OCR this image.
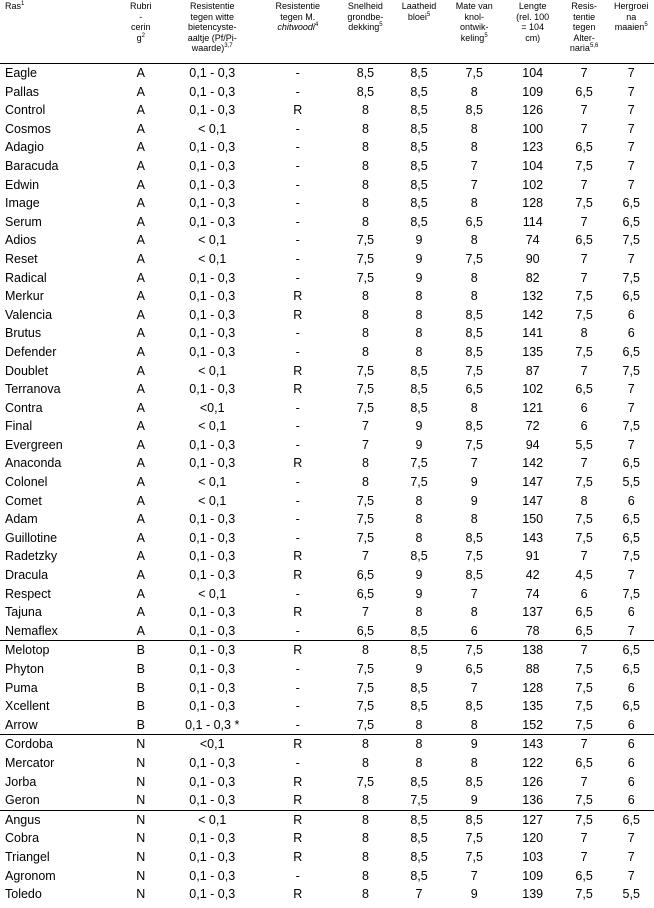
Ras$^1$	Rubri
-
cerin
$g^2$	Resistentie
tegen witte
bietencyste-
aaltje (Pf/Pi-
waarde)$^{3,7}$	Resistentie
tegen M.
chitwoodi$^4$	Snelheid
grondbe-
dekking$^5$	Laatheid
bloei$^5$	Mate van
knol-
ontwik-
keling$^5$	Lengte
(rel. 100
= 104
cm)	Resis-
tentie
tegen
Alter-
naria$^{5,6}$	Hergroei
na
maaien$^5$

Eagle	A	0,1 - 0,3	-	8,5	8,5	7,5	104	7	7
Pallas	A	0,1 - 0,3	-	8,5	8,5	8	109	6,5	7
Control	A	0,1 - 0,3	R	8	8,5	8,5	126	7	7
Cosmos	A	< 0,1	-	8	8,5	8	100	7	7
Adagio	A	0,1 - 0,3	-	8	8,5	8	123	6,5	7
Baracuda	A	0,1 - 0,3	-	8	8,5	7	104	7,5	7
Edwin	A	0,1 - 0,3	-	8	8,5	7	102	7	7
Image	A	0,1 - 0,3	-	8	8,5	8	128	7,5	6,5
Serum	A	0,1 - 0,3	-	8	8,5	6,5	114	7	6,5
Adios	A	< 0,1	-	7,5	9	8	74	6,5	7,5
Reset	A	< 0,1	-	7,5	9	7,5	90	7	7
Radical	A	0,1 - 0,3	-	7,5	9	8	82	7	7,5
Merkur	A	0,1 - 0,3	R	8	8	8	132	7,5	6,5
Valencia	A	0,1 - 0,3	R	8	8	8,5	142	7,5	6
Brutus	A	0,1 - 0,3	-	8	8	8,5	141	8	6
Defender	A	0,1 - 0,3	-	8	8	8,5	135	7,5	6,5
Doublet	A	< 0,1	R	7,5	8,5	7,5	87	7	7,5
Terranova	A	0,1 - 0,3	R	7,5	8,5	6,5	102	6,5	7
Contra	A	<0,1	-	7,5	8,5	8	121	6	7
Final	A	< 0,1	-	7	9	8,5	72	6	7,5
Evergreen	A	0,1 - 0,3	-	7	9	7,5	94	5,5	7
Anaconda	A	0,1 - 0,3	R	8	7,5	7	142	7	6,5
Colonel	A	< 0,1	-	8	7,5	9	147	7,5	5,5
Comet	A	< 0,1	-	7,5	8	9	147	8	6
Adam	A	0,1 - 0,3	-	7,5	8	8	150	7,5	6,5
Guillotine	A	0,1 - 0,3	-	7,5	8	8,5	143	7,5	6,5
Radetzky	A	0,1 - 0,3	R	7	8,5	7,5	91	7	7,5
Dracula	A	0,1 - 0,3	R	6,5	9	8,5	42	4,5	7
Respect	A	< 0,1	-	6,5	9	7	74	6	7,5
Tajuna	A	0,1 - 0,3	R	7	8	8	137	6,5	6
Nemaflex	A	0,1 - 0,3	-	6,5	8,5	6	78	6,5	7
Melotop	B	0,1 - 0,3	R	8	8,5	7,5	138	7	6,5
Phyton	B	0,1 - 0,3	-	7,5	9	6,5	88	7,5	6,5
Puma	B	0,1 - 0,3	-	7,5	8,5	7	128	7,5	6
Xcellent	B	0,1 - 0,3	-	7,5	8,5	8,5	135	7,5	6,5
Arrow	B	0,1 - 0,3 *	-	7,5	8	8	152	7,5	6
Cordoba	N	<0,1	R	8	8	9	143	7	6
Mercator	N	0,1 - 0,3	-	8	8	8	122	6,5	6
Jorba	N	0,1 - 0,3	R	7,5	8,5	8,5	126	7	6
Geron	N	0,1 - 0,3	R	8	7,5	9	136	7,5	6
Angus	N	< 0,1	R	8	8,5	8,5	127	7,5	6,5
Cobra	N	0,1 - 0,3	R	8	8,5	7,5	120	7	7
Triangel	N	0,1 - 0,3	R	8	8,5	7,5	103	7	7
Agronom	N	0,1 - 0,3	-	8	8,5	7	109	6,5	7
Toledo	N	0,1 - 0,3	R	8	7	9	139	7,5	5,5
